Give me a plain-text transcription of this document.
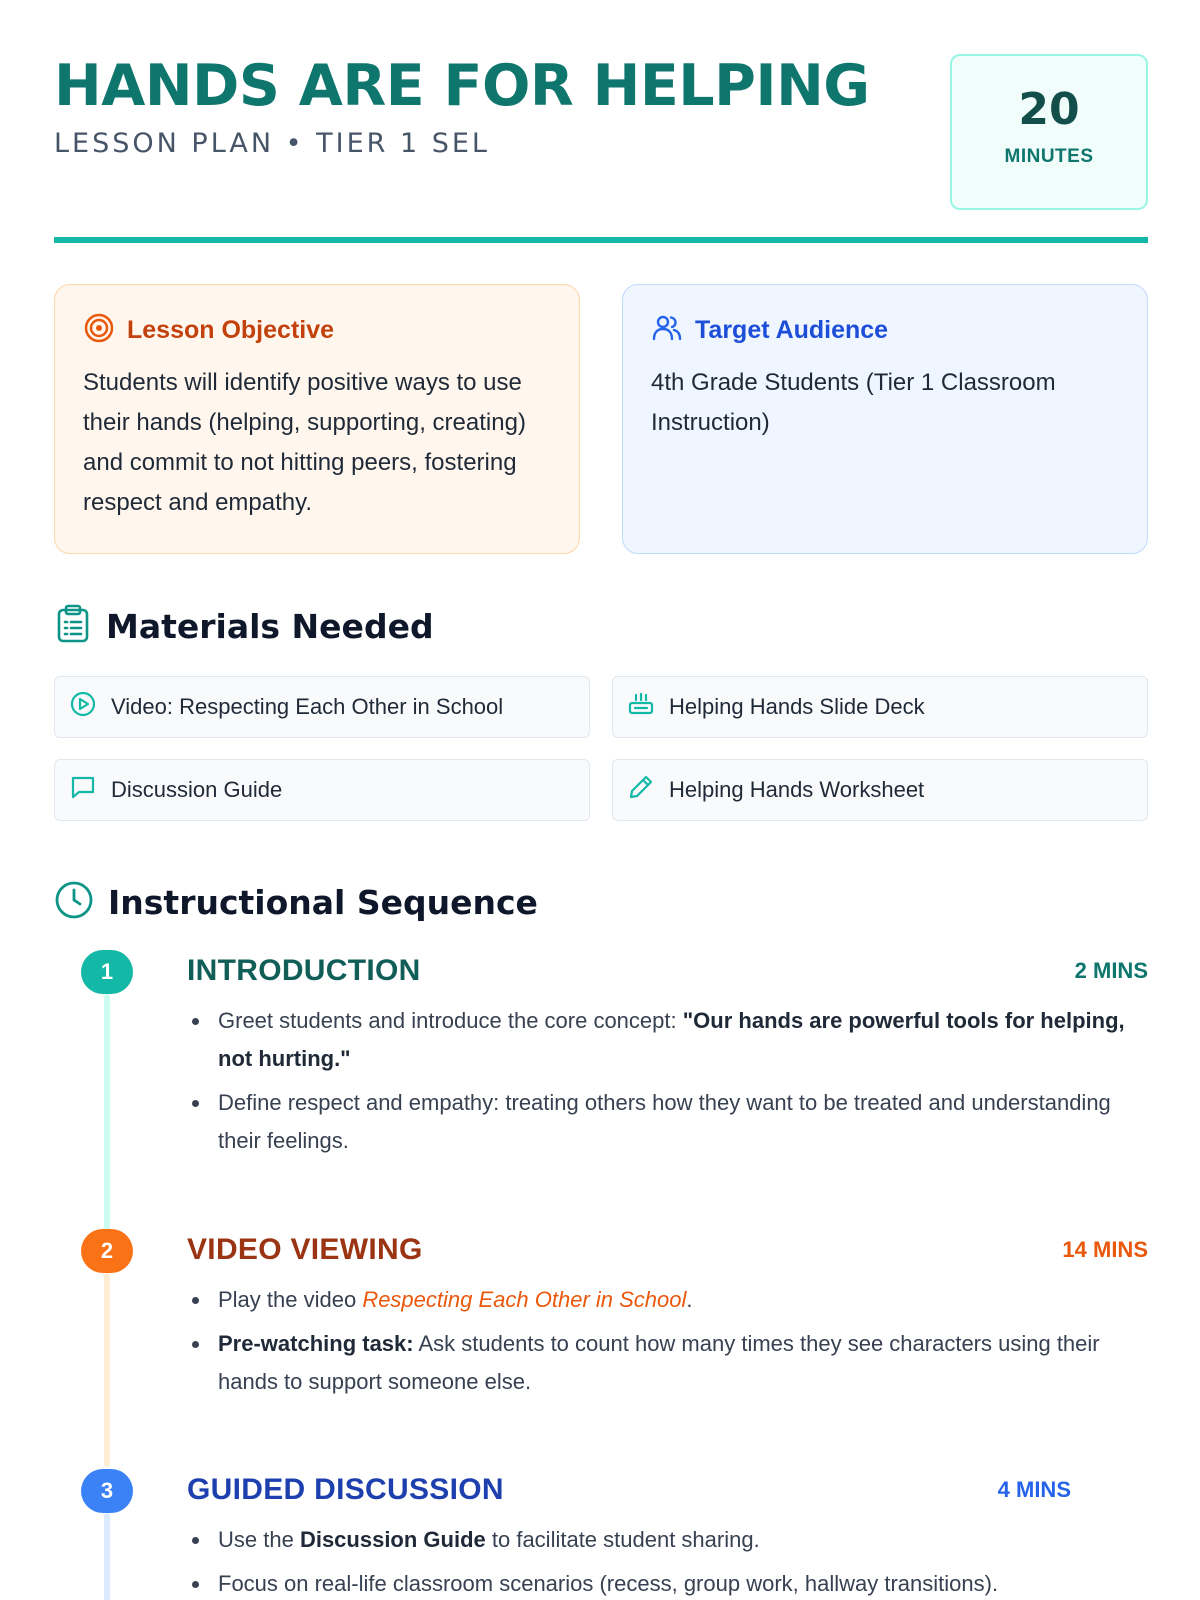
HANDS ARE FOR HELPING
LESSON PLAN • TIER 1 SEL
20
MINUTES
Lesson Objective
Students will identify positive ways to use their hands (helping, supporting, creating) and commit to not hitting peers, fostering respect and empathy.
Target Audience
4th Grade Students (Tier 1 Classroom Instruction)
Materials Needed
Video: Respecting Each Other in School	Helping Hands Slide Deck
Discussion Guide	Helping Hands Worksheet
Instructional Sequence
1	INTRODUCTION	2 MINS
Greet students and introduce the core concept: "Our hands are powerful tools for helping, not hurting."
Define respect and empathy: treating others how they want to be treated and understanding their feelings.
2	VIDEO VIEWING	14 MINS
Play the video Respecting Each Other in School.
Pre-watching task: Ask students to count how many times they see characters using their hands to support someone else.
3	GUIDED DISCUSSION	4 MINS
Use the Discussion Guide to facilitate student sharing.
Focus on real-life classroom scenarios (recess, group work, hallway transitions).
